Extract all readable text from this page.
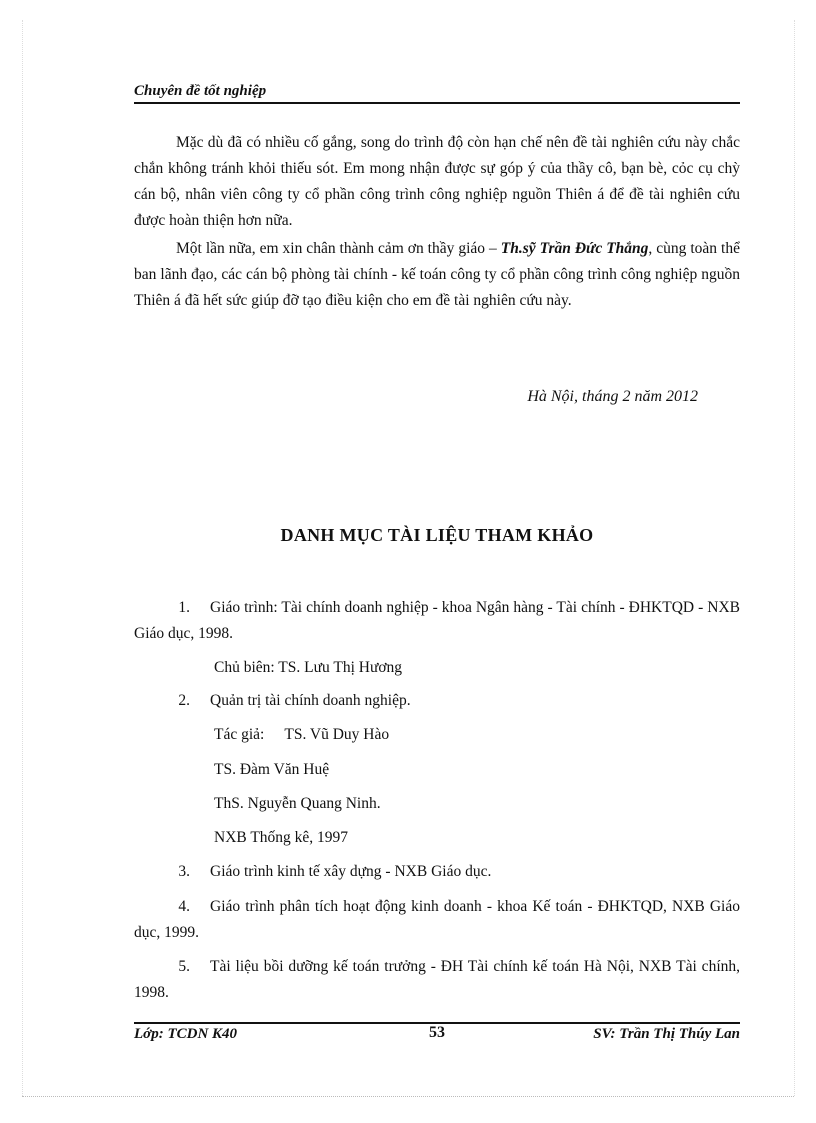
Chuyên đề tốt nghiệp

Mặc dù đã có nhiều cố gắng, song do trình độ còn hạn chế nên đề tài nghiên cứu này chắc chắn không tránh khỏi thiếu sót. Em mong nhận được sự góp ý của thầy cô, bạn bè, cỏc cụ chỳ cán bộ, nhân viên công ty cổ phần công trình công nghiệp nguồn Thiên á để đề tài nghiên cứu được hoàn thiện hơn nữa.

Một lần nữa, em xin chân thành cảm ơn thầy giáo – Th.sỹ Trần Đức Thắng, cùng toàn thể ban lãnh đạo, các cán bộ phòng tài chính - kế toán công ty cổ phần công trình công nghiệp nguồn Thiên á đã hết sức giúp đỡ tạo điều kiện cho em đề tài nghiên cứu này.

Hà Nội, tháng 2 năm 2012
DANH MỤC TÀI LIỆU THAM KHẢO

1. Giáo trình: Tài chính doanh nghiệp - khoa Ngân hàng - Tài chính - ĐHKTQD - NXB Giáo dục, 1998.

Chủ biên: TS. Lưu Thị Hương

2. Quản trị tài chính doanh nghiệp.

Tác giả: TS. Vũ Duy Hào
TS. Đàm Văn Huệ
ThS. Nguyễn Quang Ninh.
NXB Thống kê, 1997

3. Giáo trình kinh tế xây dựng - NXB Giáo dục.

4. Giáo trình phân tích hoạt động kinh doanh - khoa Kế toán - ĐHKTQD, NXB Giáo dục, 1999.

5. Tài liệu bồi dưỡng kế toán trưởng - ĐH Tài chính kế toán Hà Nội, NXB Tài chính, 1998.

Lớp: TCDN K40	53	SV: Trần Thị Thúy Lan
